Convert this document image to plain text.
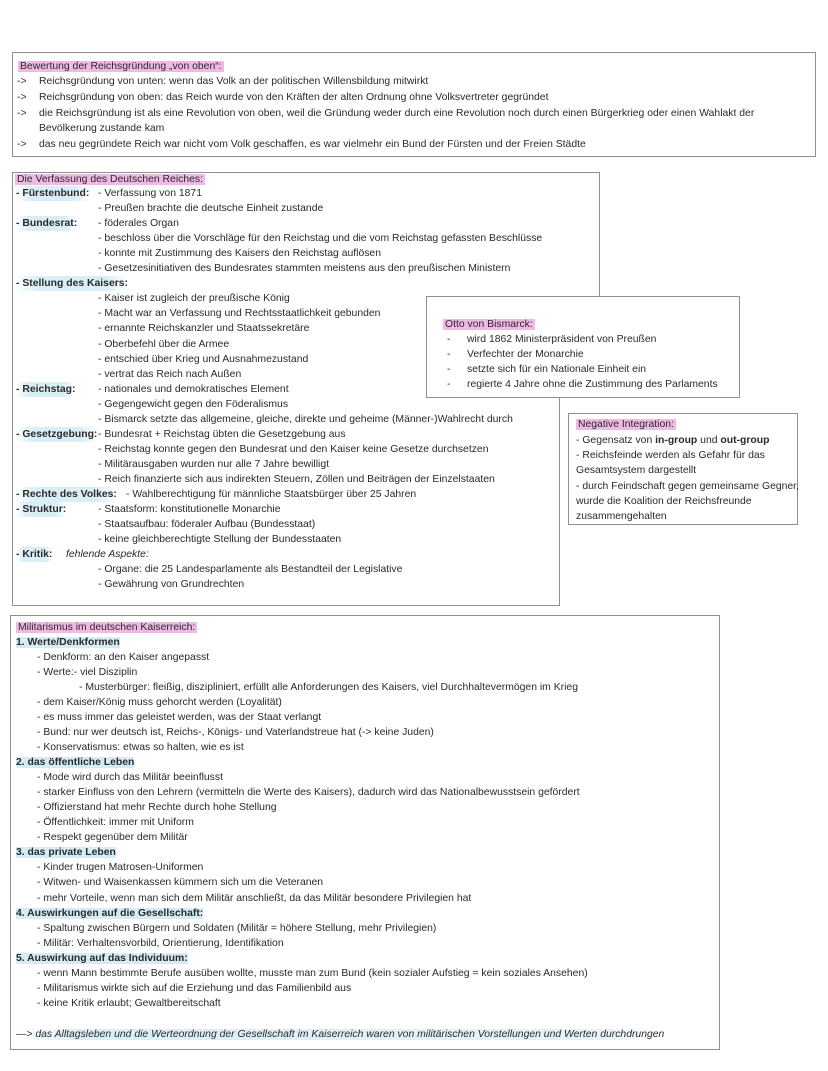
Bewertung der Reichsgründung „von oben“:
-> Reichsgründung von unten: wenn das Volk an der politischen Willensbildung mitwirkt
-> Reichsgründung von oben: das Reich wurde von den Kräften der alten Ordnung ohne Volksvertreter gegründet
-> die Reichsgründung ist als eine Revolution von oben, weil die Gründung weder durch eine Revolution noch durch einen Bürgerkrieg oder einen Wahlakt der
Bevölkerung zustande kam
-> das neu gegründete Reich war nicht vom Volk geschaffen, es war vielmehr ein Bund der Fürsten und der Freien Städte
Die Verfassung des Deutschen Reiches:
- Fürstenbund: - Verfassung von 1871
- Preußen brachte die deutsche Einheit zustande
- Bundesrat: - föderales Organ
- beschloss über die Vorschläge für den Reichstag und die vom Reichstag gefassten Beschlüsse
- konnte mit Zustimmung des Kaisers den Reichstag auflösen
- Gesetzesinitiativen des Bundesrates stammten meistens aus den preußischen Ministern
- Stellung des Kaisers:
- Kaiser ist zugleich der preußische König
- Macht war an Verfassung und Rechtsstaatlichkeit gebunden
- ernannte Reichskanzler und Staatssekretäre
- Oberbefehl über die Armee
- entschied über Krieg und Ausnahmezustand
- vertrat das Reich nach Außen
- Reichstag: - nationales und demokratisches Element
- Gegengewicht gegen den Föderalismus
- Bismarck setzte das allgemeine, gleiche, direkte und geheime (Männer-)Wahlrecht durch
- Gesetzgebung: - Bundesrat + Reichstag übten die Gesetzgebung aus
- Reichstag konnte gegen den Bundesrat und den Kaiser keine Gesetze durchsetzen
- Militärausgaben wurden nur alle 7 Jahre bewilligt
- Reich finanzierte sich aus indirekten Steuern, Zöllen und Beiträgen der Einzelstaaten
- Rechte des Volkes: - Wahlberechtigung für männliche Staatsbürger über 25 Jahren
- Struktur:	- Staatsform: konstitutionelle Monarchie
- Staatsaufbau: föderaler Aufbau (Bundesstaat)
- keine gleichberechtigte Stellung der Bundesstaaten
- Kritik: fehlende Aspekte:
- Organe: die 25 Landesparlamente als Bestandteil der Legislative
- Gewährung von Grundrechten
Otto von Bismarck:
- wird 1862 Ministerpräsident von Preußen
- Verfechter der Monarchie
- setzte sich für ein Nationale Einheit ein
- regierte 4 Jahre ohne die Zustimmung des Parlaments
Negative Integration:
- Gegensatz von in-group und out-group
- Reichsfeinde werden als Gefahr für das
Gesamtsystem dargestellt
- durch Feindschaft gegen gemeinsame Gegner,
wurde die Koalition der Reichsfreunde
zusammengehalten
Militarismus im deutschen Kaiserreich:
1. Werte/Denkformen
- Denkform: an den Kaiser angepasst
- Werte:- viel Disziplin
- Musterbürger: fleißig, diszipliniert, erfüllt alle Anforderungen des Kaisers, viel Durchhaltevermögen im Krieg
- dem Kaiser/König muss gehorcht werden (Loyalität)
- es muss immer das geleistet werden, was der Staat verlangt
- Bund: nur wer deutsch ist, Reichs-, Königs- und Vaterlandstreue hat (-> keine Juden)
- Konservatismus: etwas so halten, wie es ist
2. das öffentliche Leben
- Mode wird durch das Militär beeinflusst
- starker Einfluss von den Lehrern (vermitteln die Werte des Kaisers), dadurch wird das Nationalbewusstsein gefördert
- Offizierstand hat mehr Rechte durch hohe Stellung
- Öffentlichkeit: immer mit Uniform
- Respekt gegenüber dem Militär
3. das private Leben
- Kinder trugen Matrosen-Uniformen
- Witwen- und Waisenkassen kümmern sich um die Veteranen
- mehr Vorteile, wenn man sich dem Militär anschließt, da das Militär besondere Privilegien hat
4. Auswirkungen auf die Gesellschaft:
- Spaltung zwischen Bürgern und Soldaten (Militär = höhere Stellung, mehr Privilegien)
- Militär: Verhaltensvorbild, Orientierung, Identifikation
5. Auswirkung auf das Individuum:
- wenn Mann bestimmte Berufe ausüben wollte, musste man zum Bund (kein sozialer Aufstieg = kein soziales Ansehen)
- Militarismus wirkte sich auf die Erziehung und das Familienbild aus
- keine Kritik erlaubt; Gewaltbereitschaft
—> das Alltagsleben und die Werteordnung der Gesellschaft im Kaiserreich waren von militärischen Vorstellungen und Werten durchdrungen
